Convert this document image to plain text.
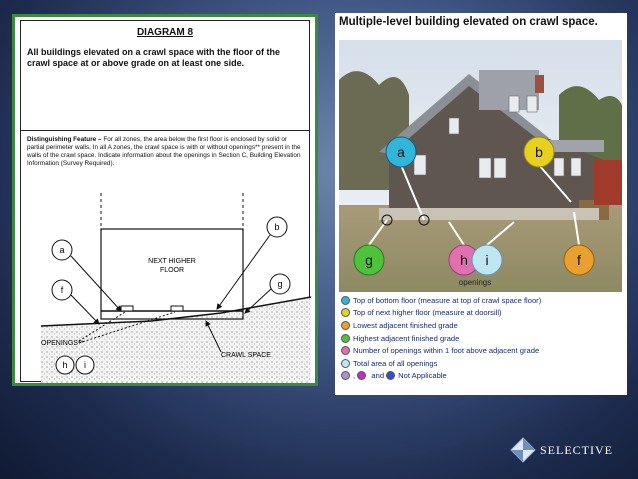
DIAGRAM 8
All buildings elevated on a crawl space with the floor of the crawl space at or above grade on at least one side.
Distinguishing Feature – For all zones, the area below the first floor is enclosed by solid or partial perimeter walls. In all A zones, the crawl space is with or without openings** present in the walls of the crawl space. Indicate information about the openings in Section C, Building Elevation Information (Survey Required).
NEXT HIGHER
FLOOR
a
b
f
g
h i
OPENINGS**
CRAWL SPACE
Multiple-level building elevated on crawl space.
a	b
g	h i	f
openings
Top of bottom floor (measure at top of crawl space floor)
Top of next higher floor (measure at doorsill)
Lowest adjacent finished grade
Highest adjacent finished grade
Number of openings within 1 foot above adjacent grade
Total area of all openings
,

and
Not Applicable
SELECTIVE
